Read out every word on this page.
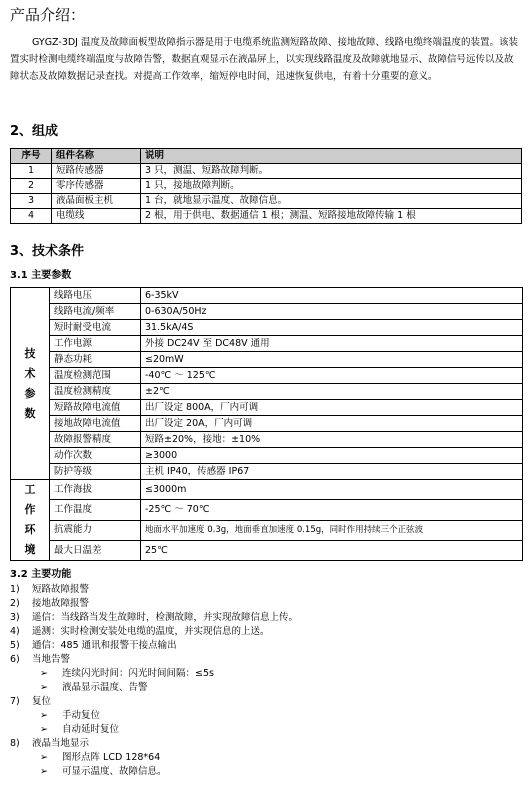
产品介绍：
GYGZ-3DJ 温度及故障面板型故障指示器是用于电缆系统监测短路故障、接地故障、线路电缆终端温度的装置。该装置实时检测电缆终端温度与故障告警，数据直观显示在液晶屏上，以实现线路温度及故障就地显示、故障信号远传以及故障状态及故障数据记录查找。对提高工作效率，缩短停电时间，迅速恢复供电，有着十分重要的意义。
2、组成
序号	组件名称	说明
1	短路传感器	3 只，测温、短路故障判断。
2	零序传感器	1 只，接地故障判断。
3	液晶面板主机	1 台，就地显示温度、故障信息。
4	电缆线	2 根，用于供电、数据通信 1 根；测温、短路接地故障传输 1 根
3、技术条件
3.1 主要参数
技术参数	线路电压	6-35kV
	线路电流/频率	0-630A/50Hz
	短时耐受电流	31.5kA/4S
	工作电源	外接 DC24V 至 DC48V 通用
	静态功耗	≤20mW
	温度检测范围	-40℃ ～ 125℃
	温度检测精度	±2℃
	短路故障电流值	出厂设定 800A，厂内可调
	接地故障电流值	出厂设定 20A，厂内可调
	故障报警精度	短路±20%，接地：±10%
	动作次数	≥3000
	防护等级	主机 IP40，传感器 IP67
工作环境	工作海拔	≤3000m
	工作温度	-25℃ ～ 70℃
	抗震能力	地面水平加速度 0.3g，地面垂直加速度 0.15g，同时作用持续三个正弦波
	最大日温差	25℃
3.2 主要功能
1) 短路故障报警
2) 接地故障报警
3) 遥信：当线路当发生故障时，检测故障，并实现故障信息上传。
4) 遥测：实时检测安装处电缆的温度，并实现信息的上送。
5) 通信：485 通讯和报警干接点输出
6) 当地告警
➢ 连续闪光时间：闪光时间间隔：≤5s
➢ 液晶显示温度、告警
7) 复位
➢ 手动复位
➢ 自动延时复位
8) 液晶当地显示
➢ 图形点阵 LCD 128*64
➢ 可显示温度、故障信息。
